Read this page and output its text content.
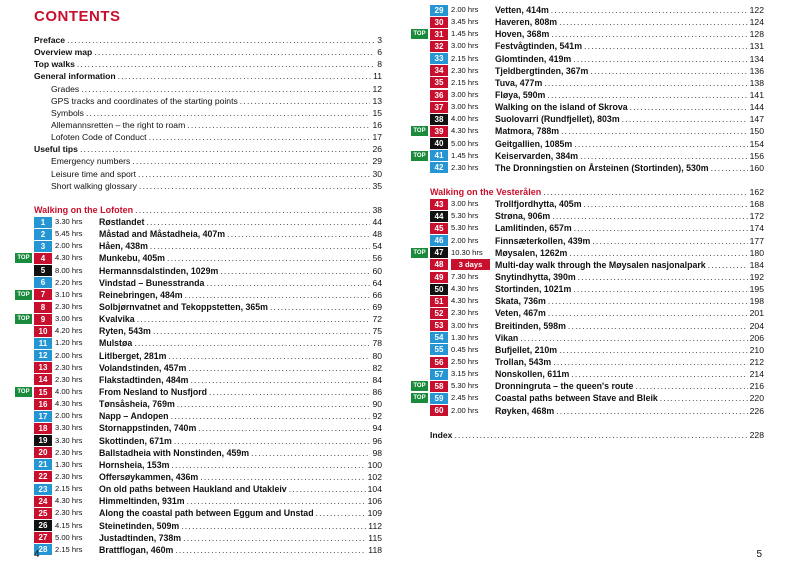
CONTENTS
Preface .....	3
Overview map .....	6
Top walks .....	8
General information .....	11
Grades .....	12
GPS tracks and coordinates of the starting points .....	13
Symbols .....	15
Allemannsretten – the right to roam .....	16
Lofoten Code of Conduct .....	17
Useful tips .....	26
Emergency numbers .....	29
Leisure time and sport .....	30
Short walking glossary .....	35
Walking on the Lofoten .....	38
1	3.30 hrs	Røstlandet .....	44
2	5.45 hrs	Måstad and Måstadheia, 407m .....	48
3	2.00 hrs	Håen, 438m .....	54
TOP	4	4.30 hrs	Munkebu, 405m .....	56
5	8.00 hrs	Hermannsdalstinden, 1029m .....	60
6	2.20 hrs	Vindstad – Bunesstranda .....	64
TOP	7	3.10 hrs	Reinebringen, 484m .....	66
8	2.30 hrs	Solbjørnvatnet and Tekoppstetten, 365m .....	69
TOP	9	3.00 hrs	Kvalvika .....	72
10 4.20 hrs	Ryten, 543m .....	75
11	1.20 hrs	Mulstøa .....	78
12 2.00 hrs	Litlberget, 281m .....	80
13 2.30 hrs	Volandstinden, 457m .....	82
14 2.30 hrs	Flakstadtinden, 484m .....	84
TOP	15 4.00 hrs	From Nesland to Nusfjord .....	86
16 4.30 hrs	Tønsåsheia, 769m .....	90
17 2.00 hrs	Napp – Andopen .....	92
18 3.30 hrs	Stornappstinden, 740m .....	94
19 3.30 hrs	Skottinden, 671m .....	96
20 2.30 hrs	Ballstadheia with Nonstinden, 459m .....	98
21 1.30 hrs	Hornsheia, 153m .....	100
22 2.30 hrs	Offersøykammen, 436m .....	102
23 2.15 hrs	On old paths between Haukland and Utakleiv .....	104
24 4.30 hrs	Himmeltinden, 931m .....	106
25 2.30 hrs	Along the coastal path between Eggum and Unstad .....	109
26 4.15 hrs	Steinetinden, 509m .....	112
27 5.00 hrs	Justadtinden, 738m .....	115
28 2.15 hrs	Brattflogan, 460m .....	118
4
29 2.00 hrs	Vetten, 414m .....	122
30 3.45 hrs	Haveren, 808m .....	124
TOP	31 1.45 hrs	Hoven, 368m .....	128
32 3.00 hrs	Festvågtinden, 541m .....	131
33 2.15 hrs	Glomtinden, 419m .....	134
34 2.30 hrs	Tjeldbergtinden, 367m .....	136
35 2.15 hrs	Tuva, 477m .....	138
36 3.00 hrs	Fløya, 590m .....	141
37 3.00 hrs	Walking on the island of Skrova .....	144
38 4.00 hrs	Suolovarri (Rundfjellet), 803m .....	147
TOP	39 4.30 hrs	Matmora, 788m .....	150
40 5.00 hrs	Geitgallien, 1085m .....	154
TOP	41 1.45 hrs	Keiservarden, 384m .....	156
42 2.30 hrs	The Dronningstien on Årsteinen (Stortinden), 530m .....	160
Walking on the Vesterålen .....	162
43 3.00 hrs	Trollfjordhytta, 405m .....	168
44 5.30 hrs	Strøna, 906m .....	172
45 5.30 hrs	Lamlitinden, 657m .....	174
46 2.00 hrs	Finnsæterkollen, 439m .....	177
TOP	47 10.30 hrs	Møysalen, 1262m .....	180
48	3 days	Multi-day walk through the Møysalen nasjonalpark .....	184
49 7.30 hrs	Snytindhytta, 390m .....	192
50 4.30 hrs	Stortinden, 1021m .....	195
51 4.30 hrs	Skata, 736m .....	198
52 2.30 hrs	Veten, 467m .....	201
53 3.00 hrs	Breitinden, 598m .....	204
54 1.30 hrs	Vikan .....	206
55 0.45 hrs	Bufjellet, 210m .....	210
56 2.50 hrs	Trollan, 543m .....	212
57 3.15 hrs	Nonskollen, 611m .....	214
TOP	58 5.30 hrs	Dronningruta – the queen's route .....	216
TOP	59 2.45 hrs	Coastal paths between Stave and Bleik .....	220
60 2.00 hrs	Røyken, 468m .....	226
Index .....	228
5
